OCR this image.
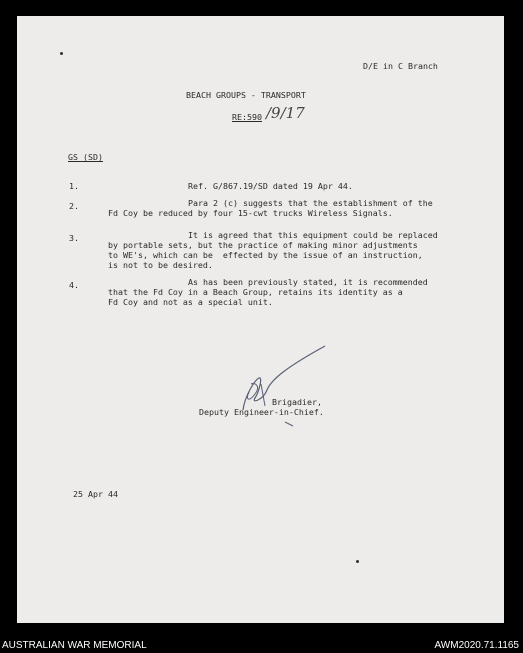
D/E in C Branch
BEACH GROUPS - TRANSPORT
RE:590 /9/17
GS (SD)
1.	Ref. G/867.19/SD dated 19 Apr 44.
2.	Para 2 (c) suggests that the establishment of the
Fd Coy be reduced by four 15-cwt trucks Wireless Signals.
3.	It is agreed that this equipment could be replaced
by portable sets, but the practice of making minor adjustments
to WE's, which can be  effected by the issue of an instruction,
is not to be desired.
4.	As has been previously stated, it is recommended
that the Fd Coy in a Beach Group, retains its identity as a
Fd Coy and not as a special unit.
Brigadier,
Deputy Engineer-in-Chief.
25 Apr 44
AUSTRALIAN WAR MEMORIAL	AWM2020.71.1165
